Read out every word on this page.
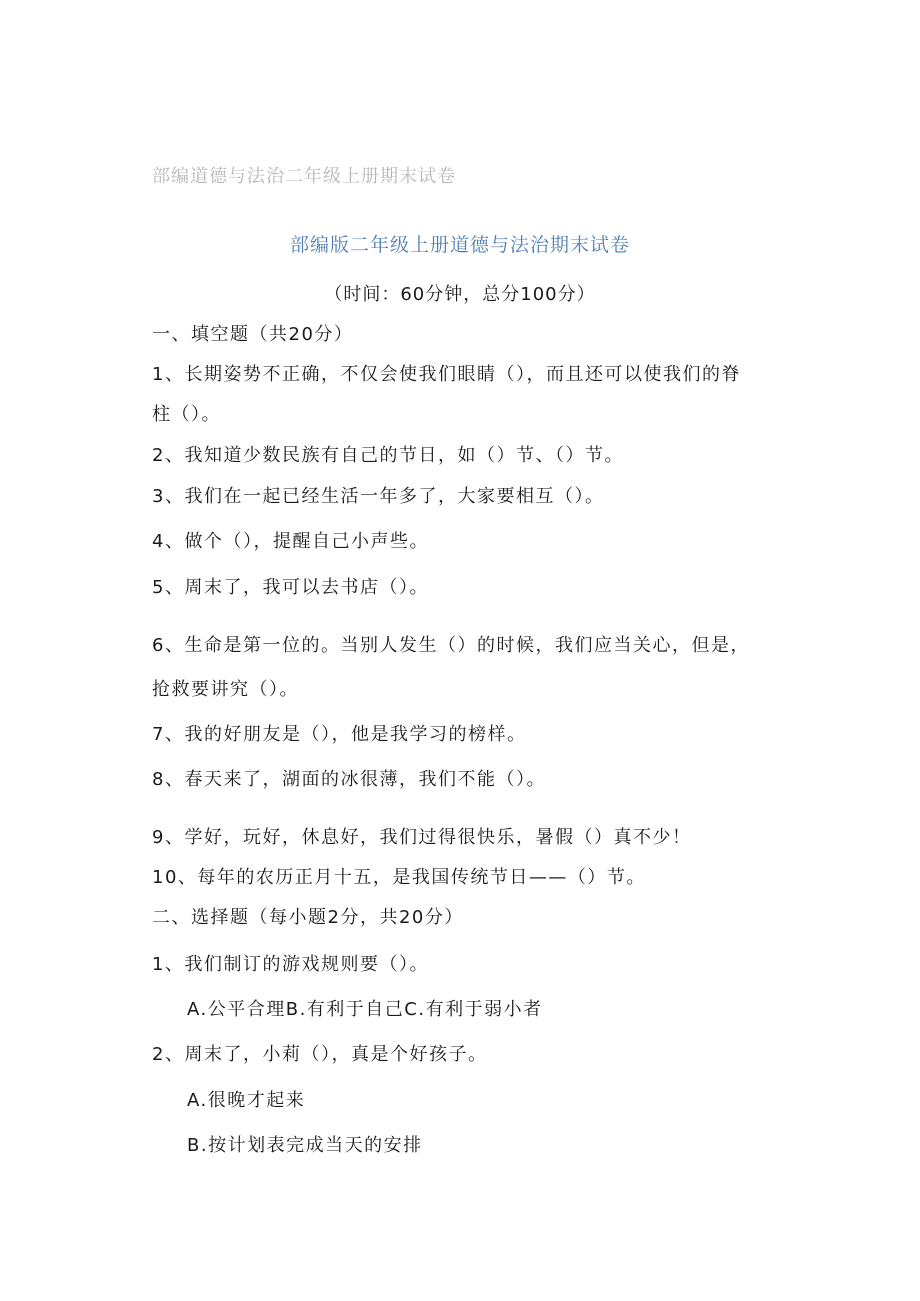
部编道德与法治二年级上册期末试卷
部编版二年级上册道德与法治期末试卷
（时间：60分钟，总分100分）
一、填空题（共20分）
1、长期姿势不正确，不仅会使我们眼睛（），而且还可以使我们的脊
柱（）。
2、我知道少数民族有自己的节日，如（）节、（）节。
3、我们在一起已经生活一年多了，大家要相互（）。
4、做个（），提醒自己小声些。
5、周末了，我可以去书店（）。
6、生命是第一位的。当别人发生（）的时候，我们应当关心，但是，
抢救要讲究（）。
7、我的好朋友是（），他是我学习的榜样。
8、春天来了，湖面的冰很薄，我们不能（）。
9、学好，玩好，休息好，我们过得很快乐，暑假（）真不少！
10、每年的农历正月十五，是我国传统节日——（）节。
二、选择题（每小题2分，共20分）
1、我们制订的游戏规则要（）。
A.公平合理B.有利于自己C.有利于弱小者
2、周末了，小莉（），真是个好孩子。
A.很晚才起来
B.按计划表完成当天的安排
